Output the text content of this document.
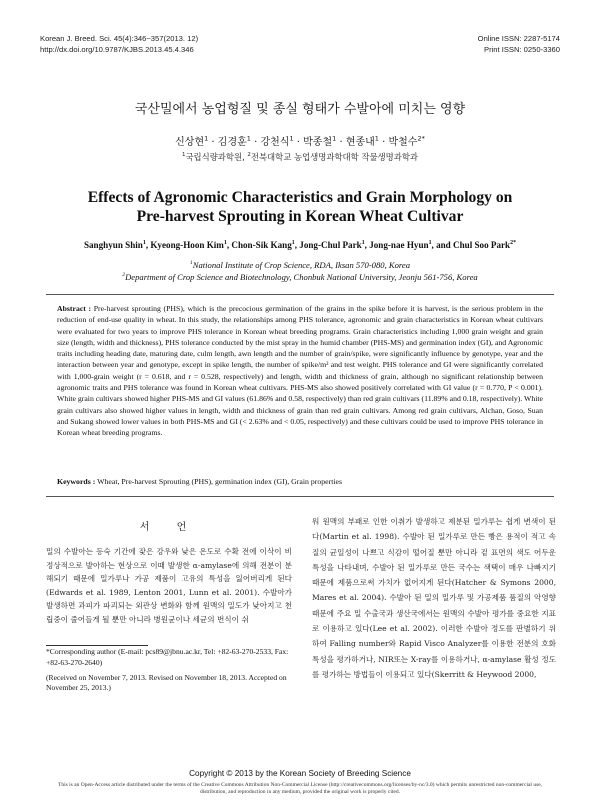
Korean J. Breed. Sci. 45(4):346~357(2013. 12)
http://dx.doi.org/10.9787/KJBS.2013.45.4.346
Online ISSN: 2287-5174
Print ISSN: 0250-3360
국산밀에서 농업형질 및 종실 형태가 수발아에 미치는 영향
신상현$^1$ · 김경훈$^1$ · 강천식$^1$ · 박종철$^1$ · 현종내$^1$ · 박철수$^{2*}$
$^1$국립식량과학원, $^2$전북대학교 농업생명과학대학 작물생명과학과
Effects of Agronomic Characteristics and Grain Morphology on
Pre-harvest Sprouting in Korean Wheat Cultivar
Sanghyun Shin$^1$, Kyeong-Hoon Kim$^1$, Chon-Sik Kang$^1$, Jong-Chul Park$^1$, Jong-nae Hyun$^1$, and Chul Soo Park$^{2*}$
$^1$National Institute of Crop Science, RDA, Iksan 570-080, Korea
$^2$Department of Crop Science and Biotechnology, Chonbuk National University, Jeonju 561-756, Korea
Abstract : Pre-harvest sprouting (PHS), which is the precocious germination of the grains in the spike before it is harvest, is the serious problem in the reduction of end-use quality in wheat. In this study, the relationships among PHS tolerance, agronomic and grain characteristics in Korean wheat cultivars were evaluated for two years to improve PHS tolerance in Korean wheat breeding programs. Grain characteristics including 1,000 grain weight and grain size (length, width and thickness), PHS tolerance conducted by the mist spray in the humid chamber (PHS-MS) and germination index (GI), and Agronomic traits including heading date, maturing date, culm length, awn length and the number of grain/spike, were significantly influence by genotype, year and the interaction between year and genotype, except in spike length, the number of spike/m² and test weight. PHS tolerance and GI were significantly correlated with 1,000-grain weight (r = 0.618, and r = 0.528, respectively) and length, width and thickness of grain, although no significant relationship between agronomic traits and PHS tolerance was found in Korean wheat cultivars. PHS-MS also showed positively correlated with GI value (r = 0.770, P < 0.001). White grain cultivars showed higher PHS-MS and GI values (61.86% and 0.58, respectively) than red grain cultivars (11.89% and 0.18, respectively). White grain cultivars also showed higher values in length, width and thickness of grain than red grain cultivars. Among red grain cultivars, Alchan, Goso, Suan and Sukang showed lower values in both PHS-MS and GI (< 2.63% and < 0.05, respectively) and these cultivars could be used to improve PHS tolerance in Korean wheat breeding programs.
Keywords : Wheat, Pre-harvest Sprouting (PHS), germination index (GI), Grain properties
서 언
밀의 수발아는 등숙 기간에 잦은 강우와 낮은 온도로 수확 전에 이삭이 비정상적으로 발아하는 현상으로 이때 발생한 α-amylase에 의해 전분이 분해되기 때문에 밀가루나 가공 제품이 고유의 특성을 잃어버리게 된다(Edwards et al. 1989, Lenton 2001, Lunn et al. 2001). 수발아가 발생하면 과피가 파괴되는 외관상 변화와 함께 원맥의 밀도가 낮아지고 천립중이 줄어들게 될 뿐만 아니라 병원균이나 세균의 번식이 쉬
워 원맥의 부패로 인한 이취가 발생하고 제분된 밀가루는 쉽게 변색이 된다(Martin et al. 1998). 수발아 된 밀가루로 만든 빵은 용적이 적고 속질의 균일성이 나쁘고 식감이 떨어질 뿐만 아니라 겉 표면의 색도 어두운 특성을 나타내며, 수발아 된 밀가루로 만든 국수는 색택이 매우 나빠지기 때문에 제품으로써 가치가 없어지게 된다(Hatcher & Symons 2000, Mares et al. 2004). 수발아 된 밀의 밀가루 및 가공제품 품질의 악영향 때문에 주요 밀 수출국과 생산국에서는 원맥의 수발아 평가를 중요한 지표로 이용하고 있다(Lee et al. 2002). 이러한 수발아 정도를 판별하기 위하여 Falling number와 Rapid Visco Analyzer를 이용한 전분의 호화 특성을 평가하거나, NIR또는 X-ray를 이용하거나, α-amylase 활성 정도를 평가하는 방법들이 이용되고 있다(Skerritt & Heywood 2000,
*Corresponding author (E-mail: pcs89@jbnu.ac.kr, Tel: +82-63-270-2533, Fax: +82-63-270-2640)
(Received on November 7, 2013. Revised on November 18, 2013. Accepted on November 25, 2013.)
Copyright © 2013 by the Korean Society of Breeding Science
This is an Open-Access article distributed under the terms of the Creative Commons Attribution Non-Commercial License (http://creativecommons.org/licenses/by-nc/3.0) which permits unrestricted non-commercial use, distribution, and reproduction in any medium, provided the original work is properly cited.
